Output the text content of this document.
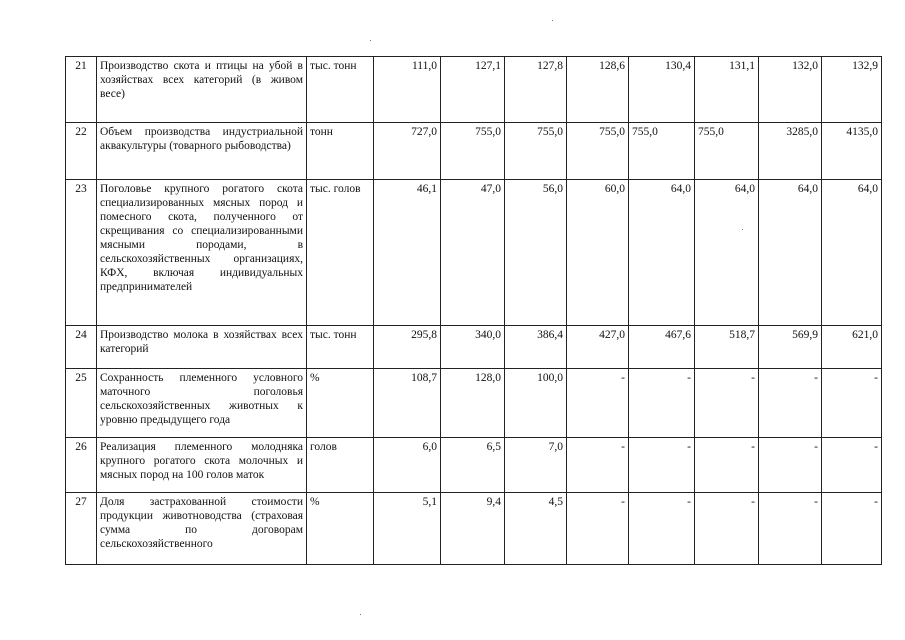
21	Производство скота и птицы на убой в хозяйствах всех категорий (в живом весе)	тыс. тонн	111,0	127,1	127,8	128,6	130,4	131,1	132,0	132,9
22	Объем производства индустриальной аквакультуры (товарного рыбоводства)	тонн	727,0	755,0	755,0	755,0	755,0	755,0	3285,0	4135,0
23	Поголовье крупного рогатого скота специализированных мясных пород и помесного скота, полученного от скрещивания со специализированными мясными породами, в сельскохозяйственных организациях, КФХ, включая индивидуальных предпринимателей	тыс. голов	46,1	47,0	56,0	60,0	64,0	64,0	64,0	64,0
24	Производство молока в хозяйствах всех категорий	тыс. тонн	295,8	340,0	386,4	427,0	467,6	518,7	569,9	621,0
25	Сохранность племенного условного маточного поголовья сельскохозяйственных животных к уровню предыдущего года	%	108,7	128,0	100,0	-	-	-	-	-
26	Реализация племенного молодняка крупного рогатого скота молочных и мясных пород на 100 голов маток	голов	6,0	6,5	7,0	-	-	-	-	-
27	Доля застрахованной стоимости продукции животноводства (страховая сумма по договорам сельскохозяйственного	%	5,1	9,4	4,5	-	-	-	-	-
